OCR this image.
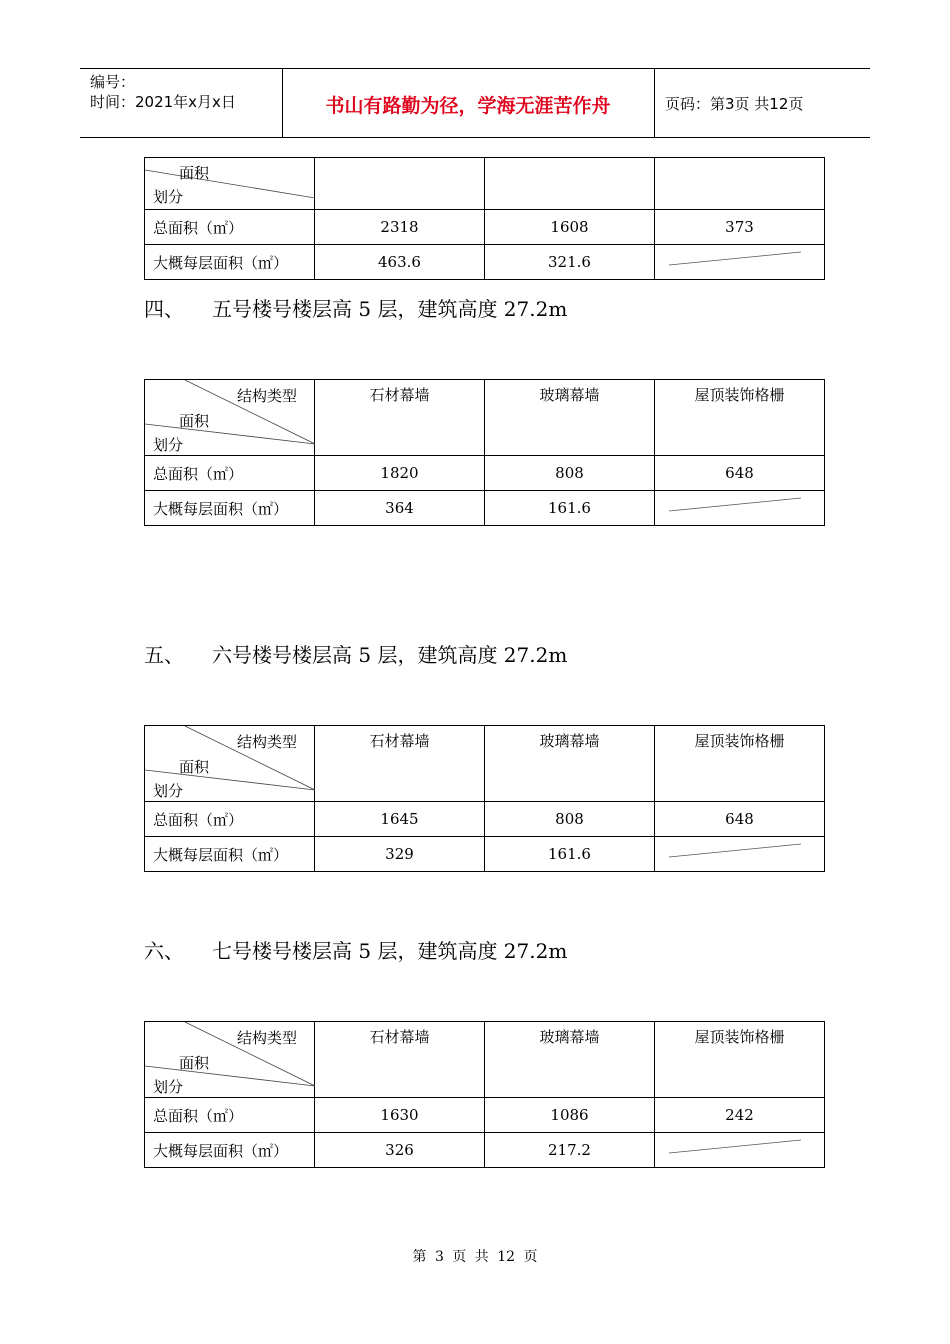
编号：
时间：2021年x月x日	书山有路勤为径，学海无涯苦作舟	页码：第3页 共12页
面积
划分			

总面积（㎡）	2318	1608	373
大概每层面积（㎡）	463.6	321.6	
四、 五号楼号楼层高 5 层，建筑高度 27.2m
结构类型
面积
划分	石材幕墙	玻璃幕墙	屋顶装饰格栅
总面积（㎡）	1820	808	648
大概每层面积（㎡）	364	161.6	
五、 六号楼号楼层高 5 层，建筑高度 27.2m
结构类型
面积
划分	石材幕墙	玻璃幕墙	屋顶装饰格栅
总面积（㎡）	1645	808	648
大概每层面积（㎡）	329	161.6	
六、 七号楼号楼层高 5 层，建筑高度 27.2m
结构类型
面积
划分	石材幕墙	玻璃幕墙	屋顶装饰格栅
总面积（㎡）	1630	1086	242
大概每层面积（㎡）	326	217.2	
第 3 页 共 12 页
